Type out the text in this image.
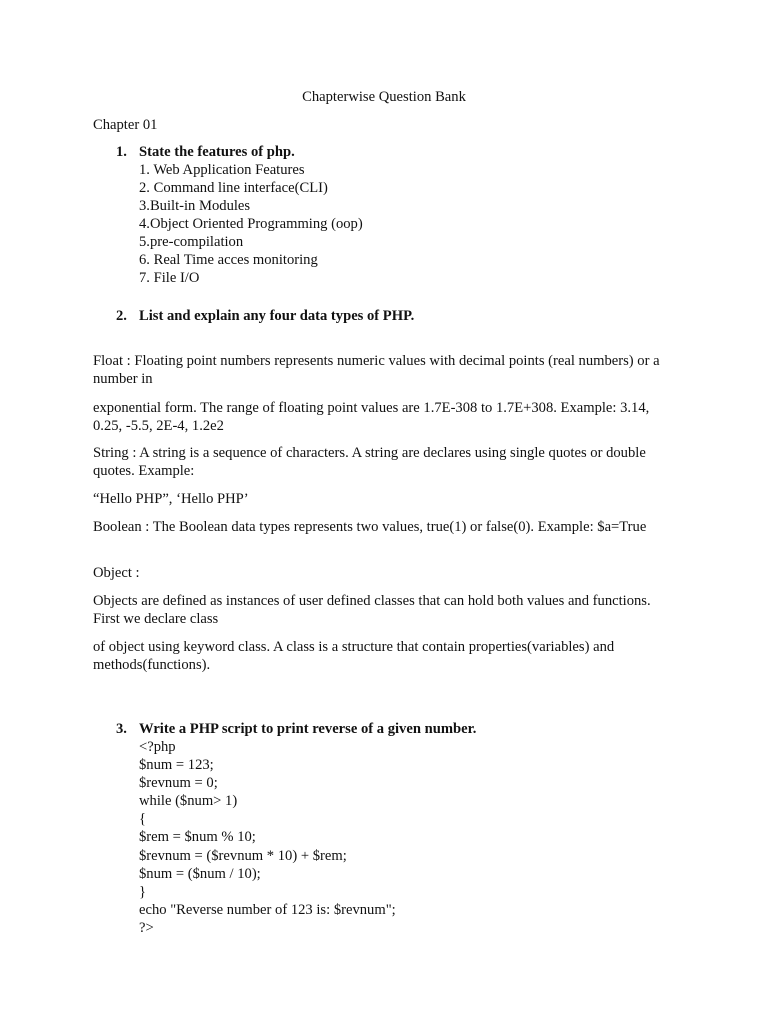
Chapterwise Question Bank
Chapter 01
1. State the features of php.
1. Web Application Features
2. Command line interface(CLI)
3.Built-in Modules
4.Object Oriented Programming (oop)
5.pre-compilation
6. Real Time acces monitoring
7. File I/O
2. List and explain any four data types of PHP.
Float : Floating point numbers represents numeric values with decimal points (real numbers) or a number in
exponential form. The range of floating point values are 1.7E-308 to 1.7E+308. Example: 3.14, 0.25, -5.5, 2E-4, 1.2e2
String : A string is a sequence of characters. A string are declares using single quotes or double quotes. Example:
“Hello PHP”, ‘Hello PHP’
Boolean : The Boolean data types represents two values, true(1) or false(0). Example: $a=True
Object :
Objects are defined as instances of user defined classes that can hold both values and functions. First we declare class
of object using keyword class. A class is a structure that contain properties(variables) and methods(functions).
3. Write a PHP script to print reverse of a given number.
<?php
$num = 123;
$revnum = 0;
while ($num> 1)
{
$rem = $num % 10;
$revnum = ($revnum * 10) + $rem;
$num = ($num / 10);
}
echo "Reverse number of 123 is: $revnum";
?>
